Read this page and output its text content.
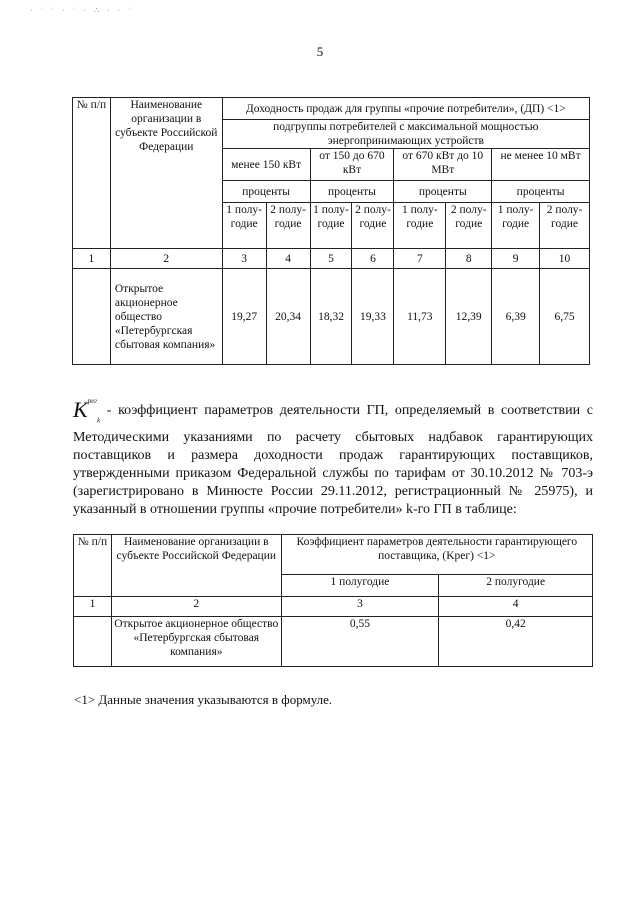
· ˙ ˙ · ˙ · ∴ · · ˙
5
№ п/п	Наименование организации в субъекте Российской Федерации	Доходность продаж для группы «прочие потребители», (ДП) <1>							
		подгруппы потребителей с максимальной мощностью энергопринимающих устройств							
		менее 150 кВт		от 150 до 670 кВт		от 670 кВт до 10 МВт		не менее 10 мВт	
		проценты		проценты		проценты		проценты	
		1 полу-годие	2 полу-годие	1 полу-годие	2 полу-годие	1 полу-годие	2 полу-годие	1 полу-годие	2 полу-годие
1	2	3	4	5	6	7	8	9	10
	Открытое акционерное общество «Петербургская сбытовая компания»	19,27	20,34	18,32	19,33	11,73	12,39	6,39	6,75
$K^{рег}_k$ - коэффициент параметров деятельности ГП, определяемый в соответствии с Методическими указаниями по расчету сбытовых надбавок гарантирующих поставщиков и размера доходности продаж гарантирующих поставщиков, утвержденными приказом Федеральной службы по тарифам от 30.10.2012 № 703-э (зарегистрировано в Минюсте России 29.11.2012, регистрационный № 25975), и указанный в отношении группы «прочие потребители» k-го ГП в таблице:
№ п/п	Наименование организации в субъекте Российской Федерации	Коэффициент параметров деятельности гарантирующего поставщика, (Kрег) <1>	
		1 полугодие	2 полугодие
1	2	3	4
	Открытое акционерное общество «Петербургская сбытовая компания»	0,55	0,42
<1> Данные значения указываются в формуле.
